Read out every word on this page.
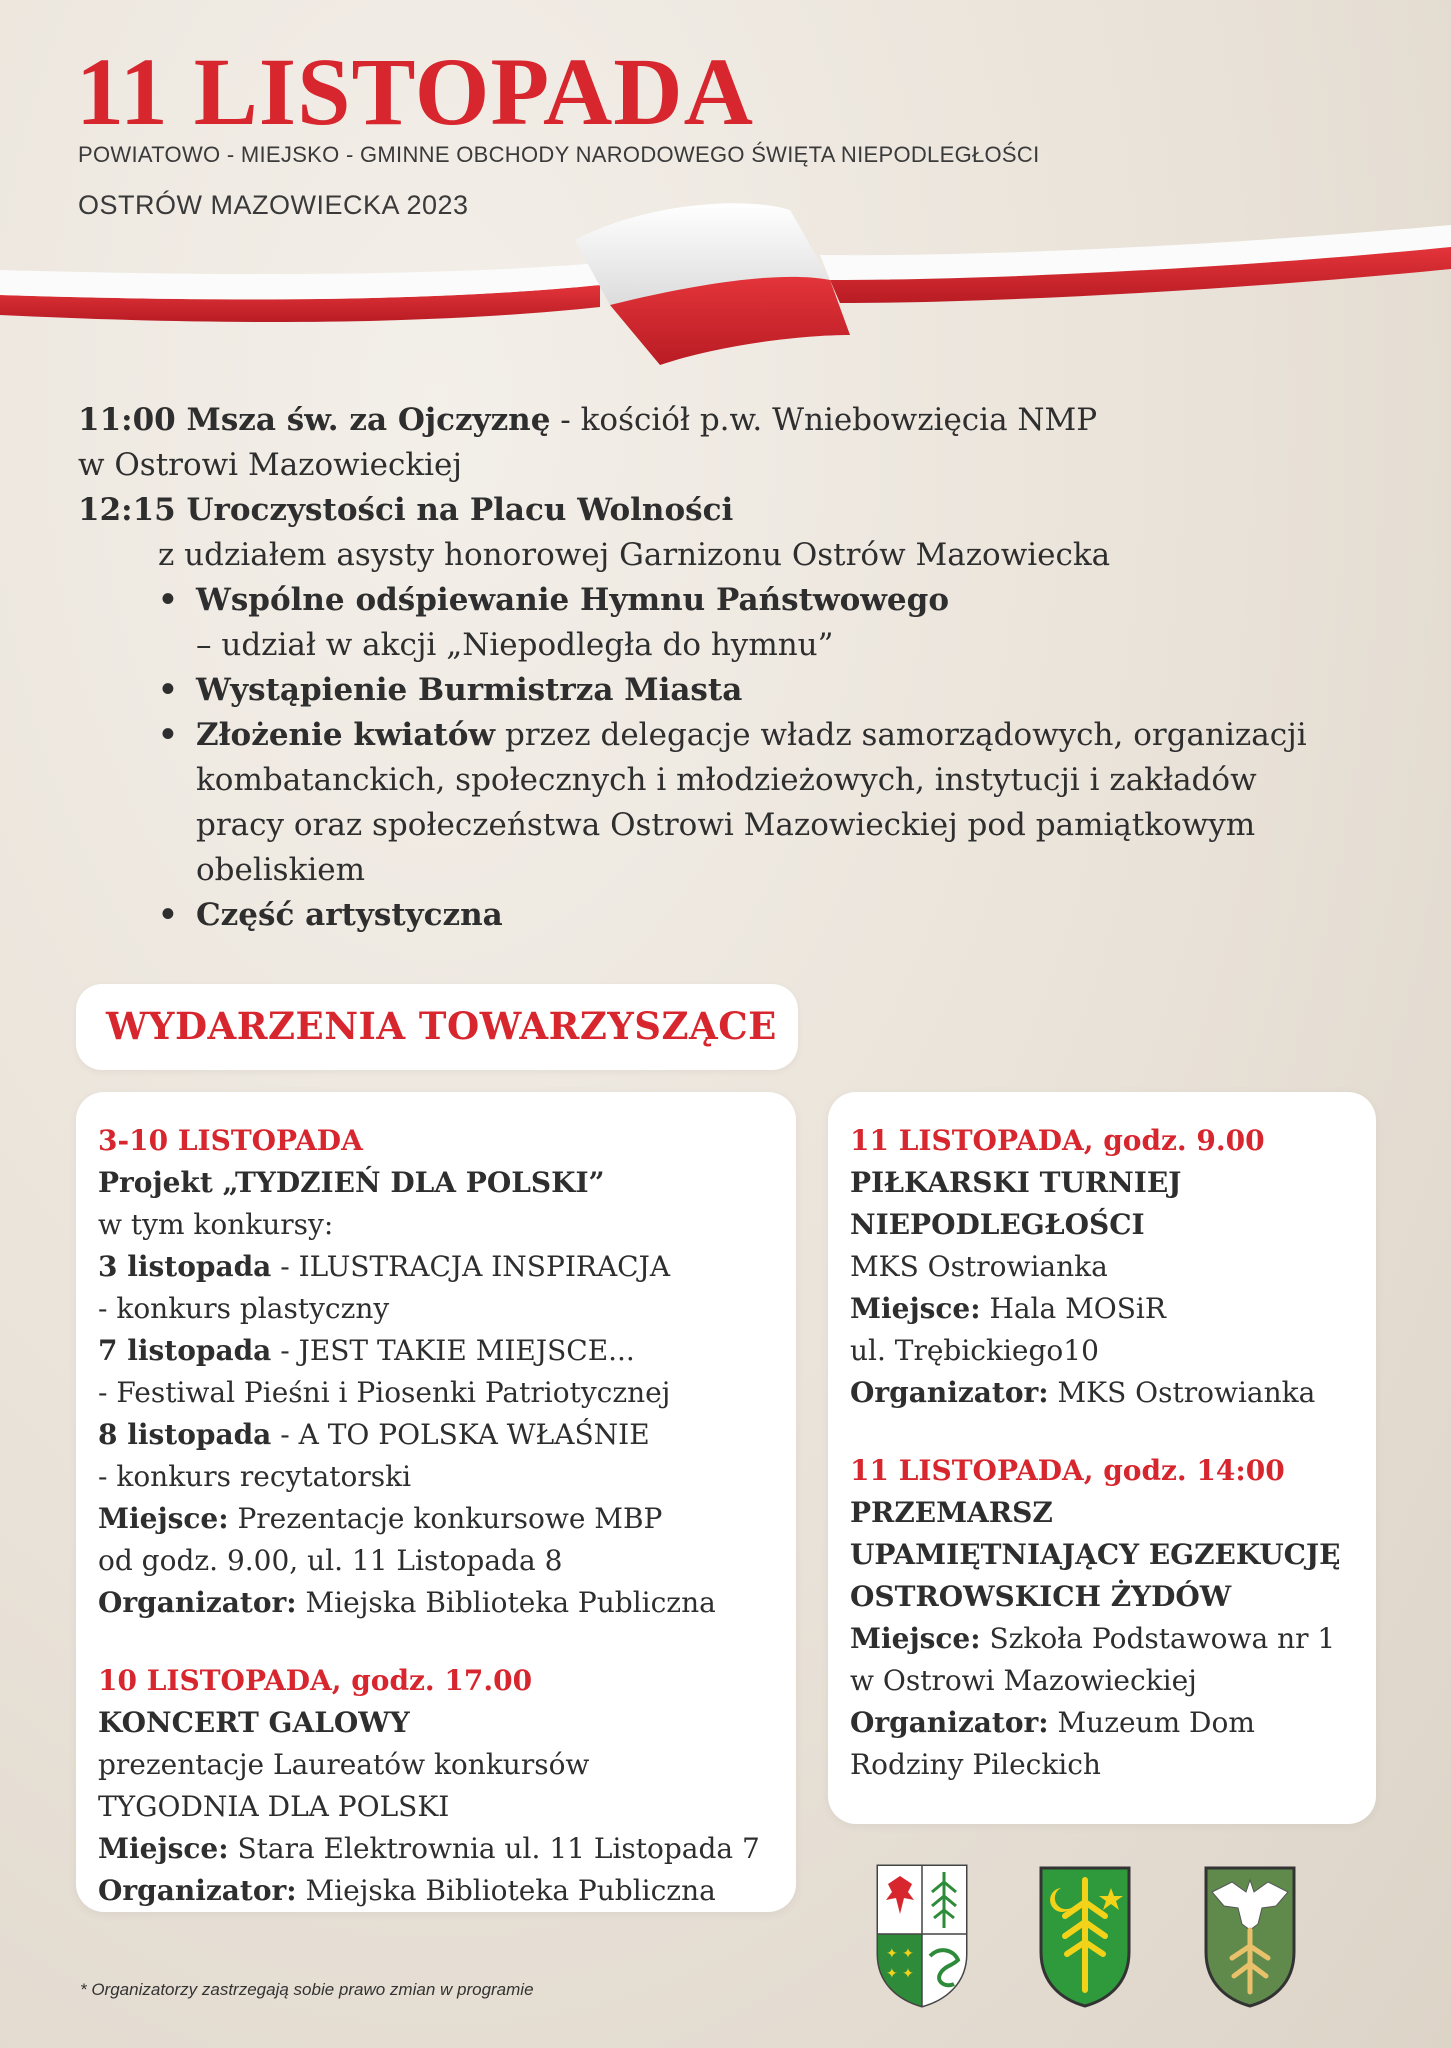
11 LISTOPADA
POWIATOWO - MIEJSKO - GMINNE OBCHODY NARODOWEGO ŚWIĘTA NIEPODLEGŁOŚCI
OSTRÓW MAZOWIECKA 2023
11:00 Msza św. za Ojczyznę - kościół p.w. Wniebowzięcia NMP
w Ostrowi Mazowieckiej
12:15 Uroczystości na Placu Wolności
z udziałem asysty honorowej Garnizonu Ostrów Mazowiecka
• Wspólne odśpiewanie Hymnu Państwowego
– udział w akcji „Niepodległa do hymnu”
• Wystąpienie Burmistrza Miasta
• Złożenie kwiatów przez delegacje władz samorządowych, organizacji
kombatanckich, społecznych i młodzieżowych, instytucji i zakładów
pracy oraz społeczeństwa Ostrowi Mazowieckiej pod pamiątkowym
obeliskiem
• Część artystyczna
WYDARZENIA TOWARZYSZĄCE
3-10 LISTOPADA
Projekt „TYDZIEŃ DLA POLSKI”
w tym konkursy:
3 listopada - ILUSTRACJA INSPIRACJA
- konkurs plastyczny
7 listopada - JEST TAKIE MIEJSCE...
- Festiwal Pieśni i Piosenki Patriotycznej
8 listopada - A TO POLSKA WŁAŚNIE
- konkurs recytatorski
Miejsce: Prezentacje konkursowe MBP
od godz. 9.00, ul. 11 Listopada 8
Organizator: Miejska Biblioteka Publiczna
10 LISTOPADA, godz. 17.00
KONCERT GALOWY
prezentacje Laureatów konkursów
TYGODNIA DLA POLSKI
Miejsce: Stara Elektrownia ul. 11 Listopada 7
Organizator: Miejska Biblioteka Publiczna
11 LISTOPADA, godz. 9.00
PIŁKARSKI TURNIEJ
NIEPODLEGŁOŚCI
MKS Ostrowianka
Miejsce: Hala MOSiR
ul. Trębickiego10
Organizator: MKS Ostrowianka
11 LISTOPADA, godz. 14:00
PRZEMARSZ
UPAMIĘTNIAJĄCY EGZEKUCJĘ
OSTROWSKICH ŻYDÓW
Miejsce: Szkoła Podstawowa nr 1
w Ostrowi Mazowieckiej
Organizator: Muzeum Dom
Rodziny Pileckich
* Organizatorzy zastrzegają sobie prawo zmian w programie
✦ ✦
✦ ✦
